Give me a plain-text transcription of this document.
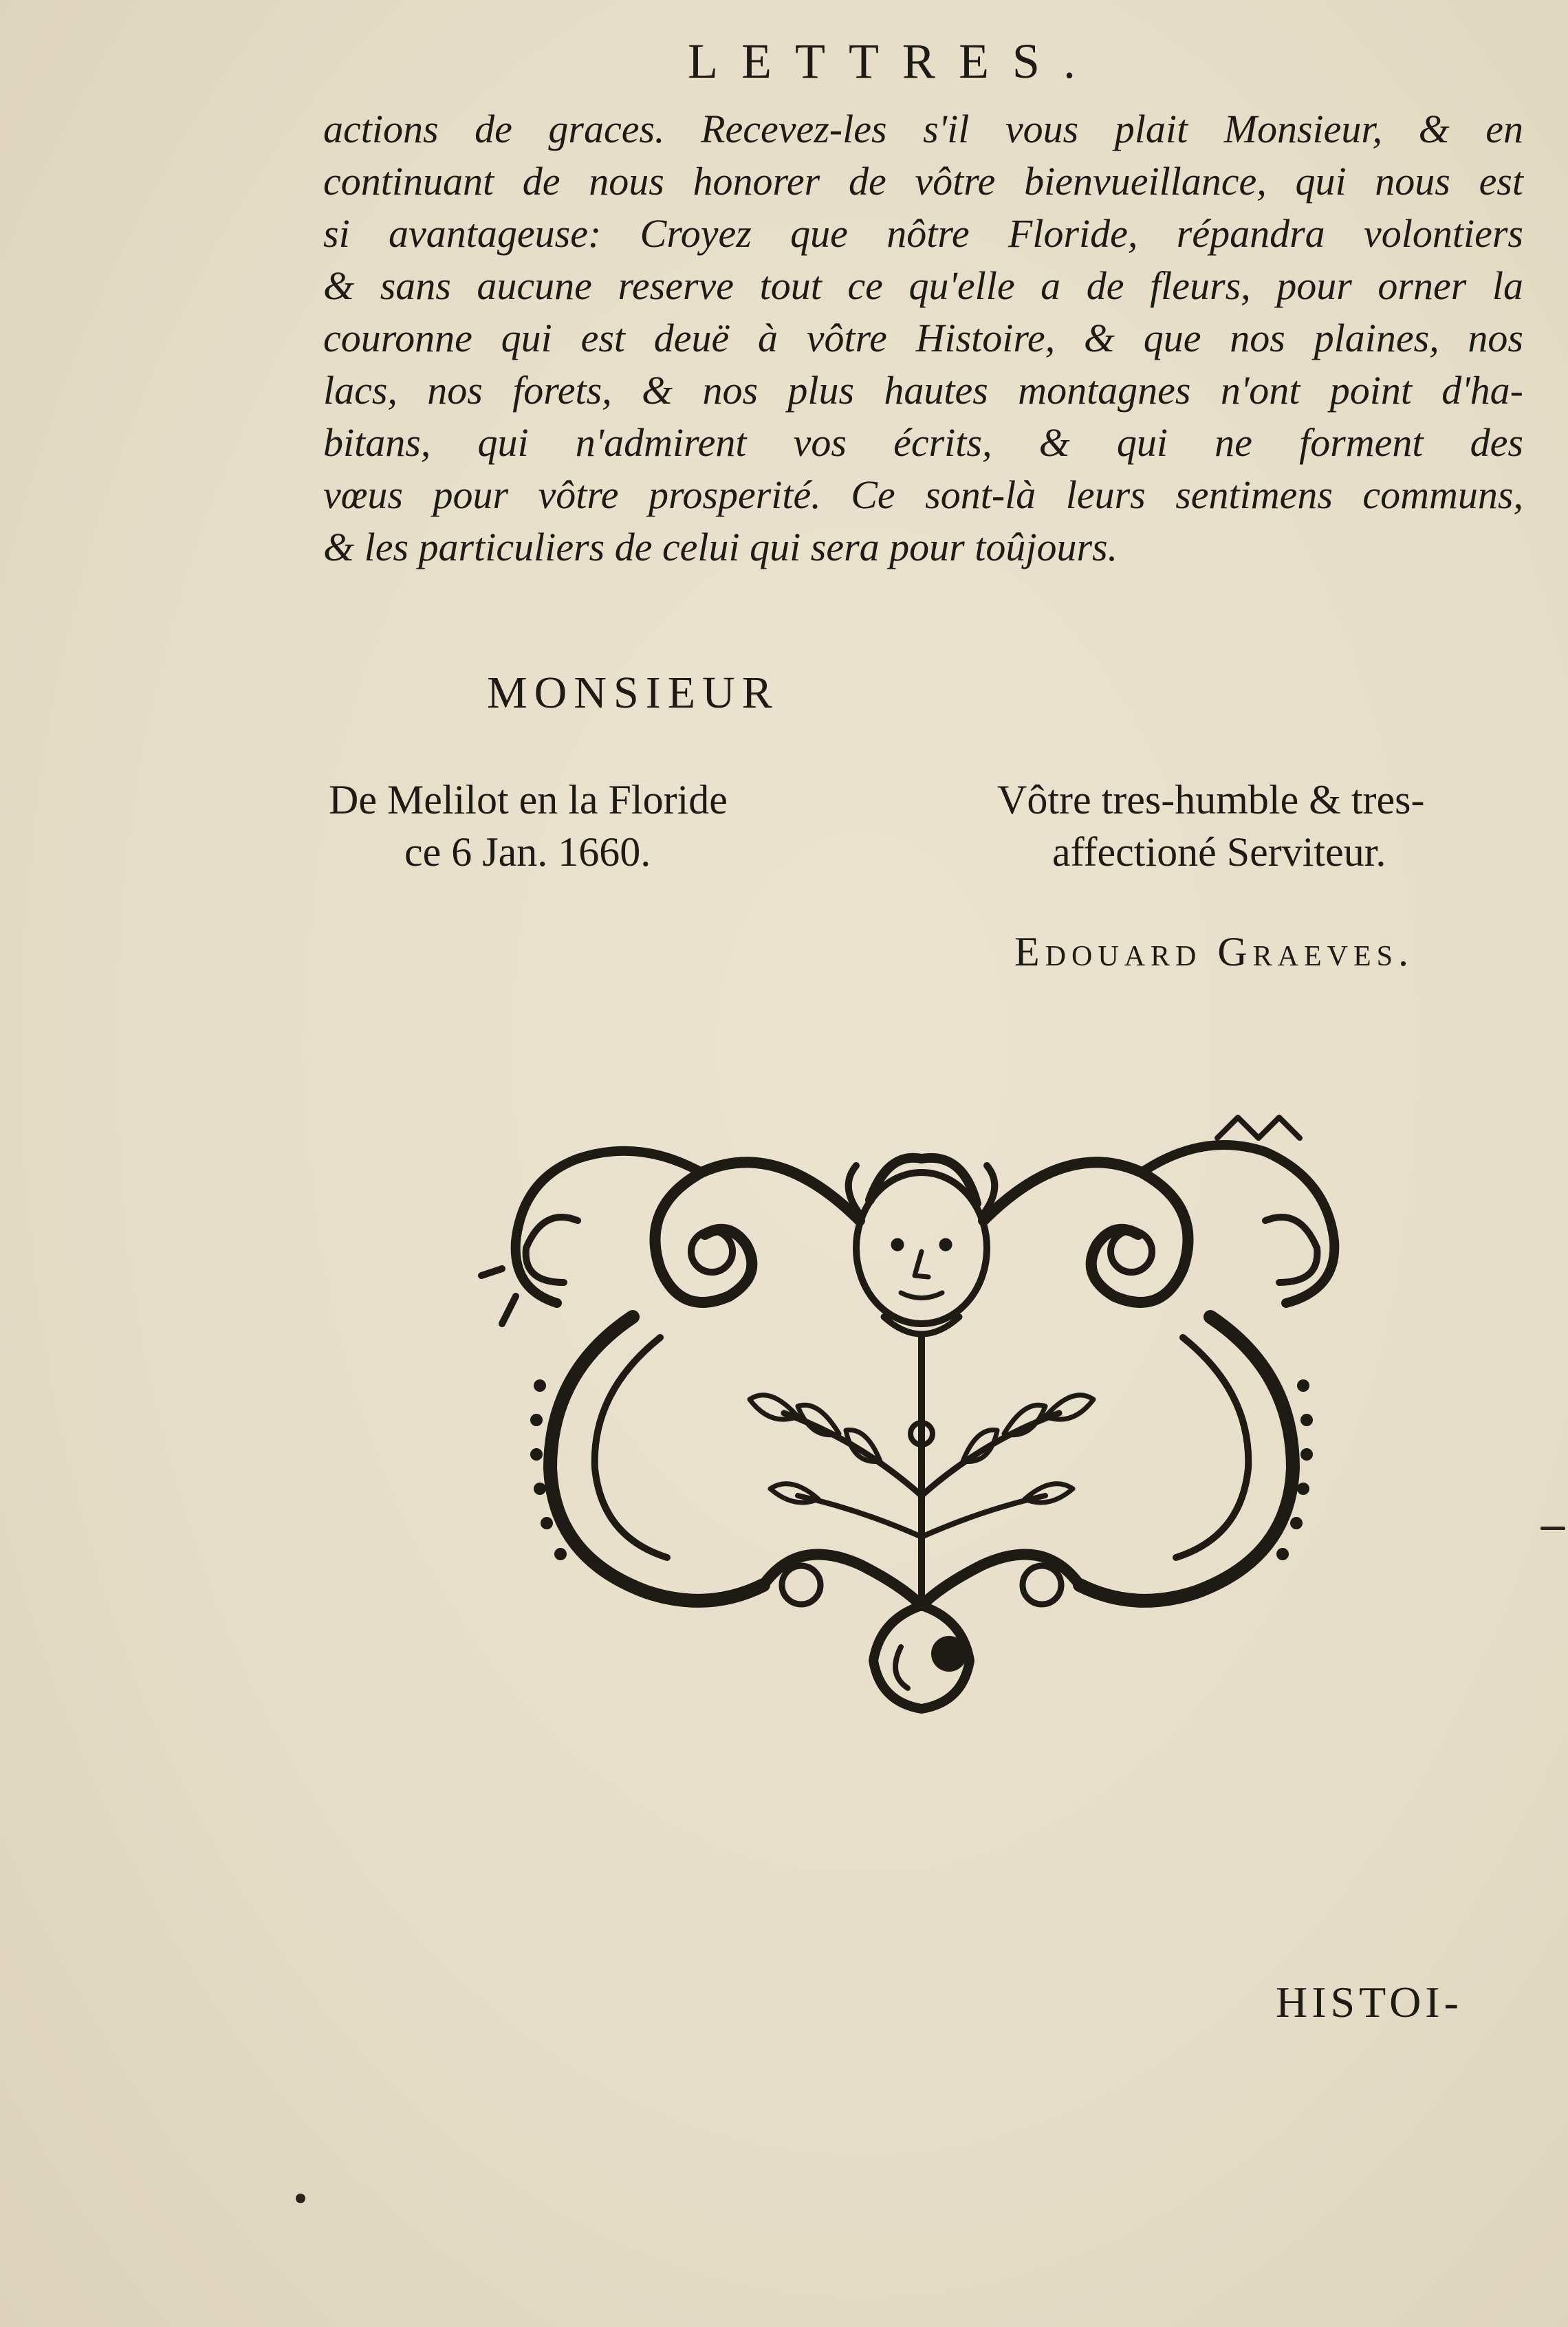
LETTRES.
actions de graces. Recevez-les s'il vous plait Monsieur, & en
continuant de nous honorer de vôtre bienvueillance, qui nous est
si avantageuse: Croyez que nôtre Floride, répandra volontiers
& sans aucune reserve tout ce qu'elle a de fleurs, pour orner la
couronne qui est deuë à vôtre Histoire, & que nos plaines, nos
lacs, nos forets, & nos plus hautes montagnes n'ont point d'ha-
bitans, qui n'admirent vos écrits, & qui ne forment des
vœus pour vôtre prosperité. Ce sont-là leurs sentimens communs,
& les particuliers de celui qui sera pour toûjours.
MONSIEUR
De Melilot en la Floride
ce 6 Jan. 1660.
Vôtre tres-humble & tres-
affectioné Serviteur.
Edouard Graeves.
HISTOI-
